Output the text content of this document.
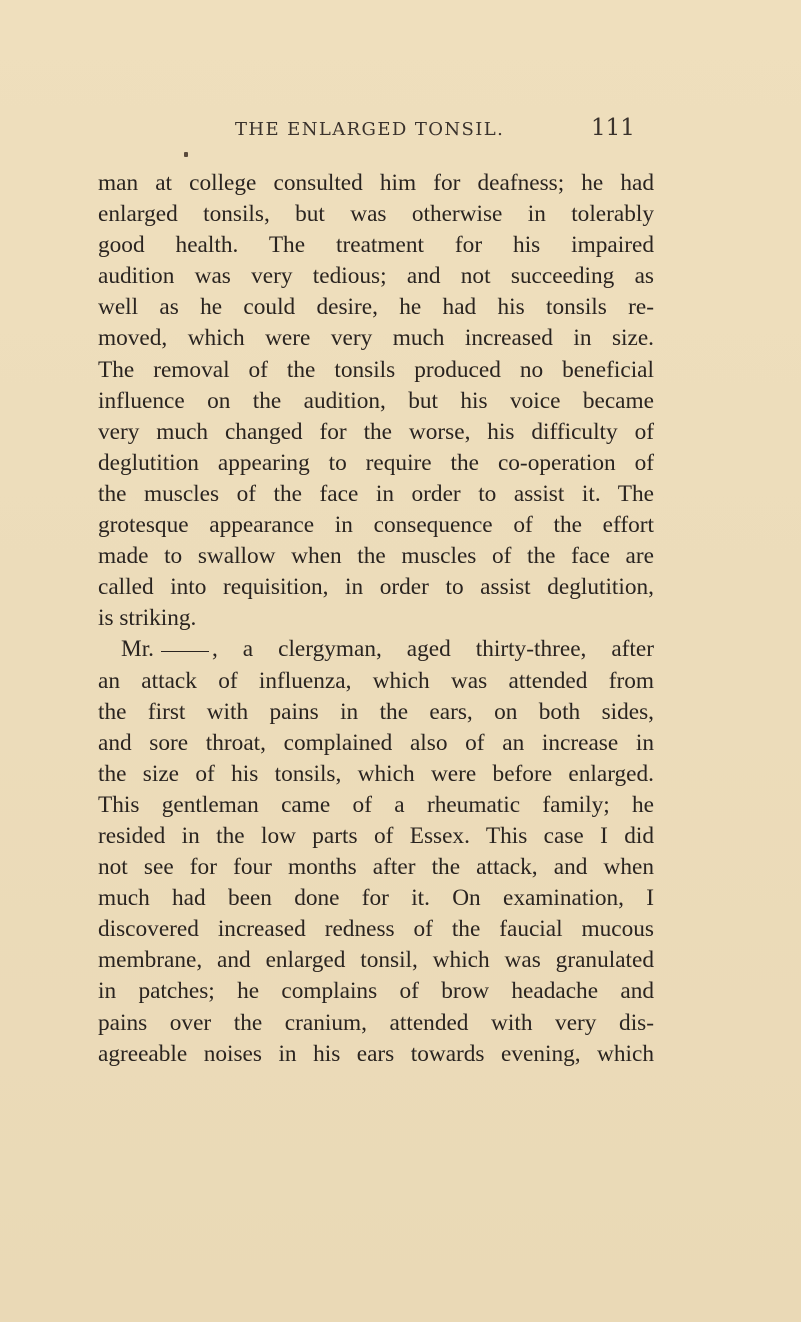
THE ENLARGED TONSIL.	111
man at college consulted him for deafness; he had
enlarged tonsils, but was otherwise in tolerably
good health. The treatment for his impaired
audition was very tedious; and not succeeding as
well as he could desire, he had his tonsils re-
moved, which were very much increased in size.
The removal of the tonsils produced no beneficial
influence on the audition, but his voice became
very much changed for the worse, his difficulty of
deglutition appearing to require the co-operation of
the muscles of the face in order to assist it. The
grotesque appearance in consequence of the effort
made to swallow when the muscles of the face are
called into requisition, in order to assist deglutition,
is striking.
Mr. , a clergyman, aged thirty-three, after
an attack of influenza, which was attended from
the first with pains in the ears, on both sides,
and sore throat, complained also of an increase in
the size of his tonsils, which were before enlarged.
This gentleman came of a rheumatic family; he
resided in the low parts of Essex. This case I did
not see for four months after the attack, and when
much had been done for it. On examination, I
discovered increased redness of the faucial mucous
membrane, and enlarged tonsil, which was granulated
in patches; he complains of brow headache and
pains over the cranium, attended with very dis-
agreeable noises in his ears towards evening, which
